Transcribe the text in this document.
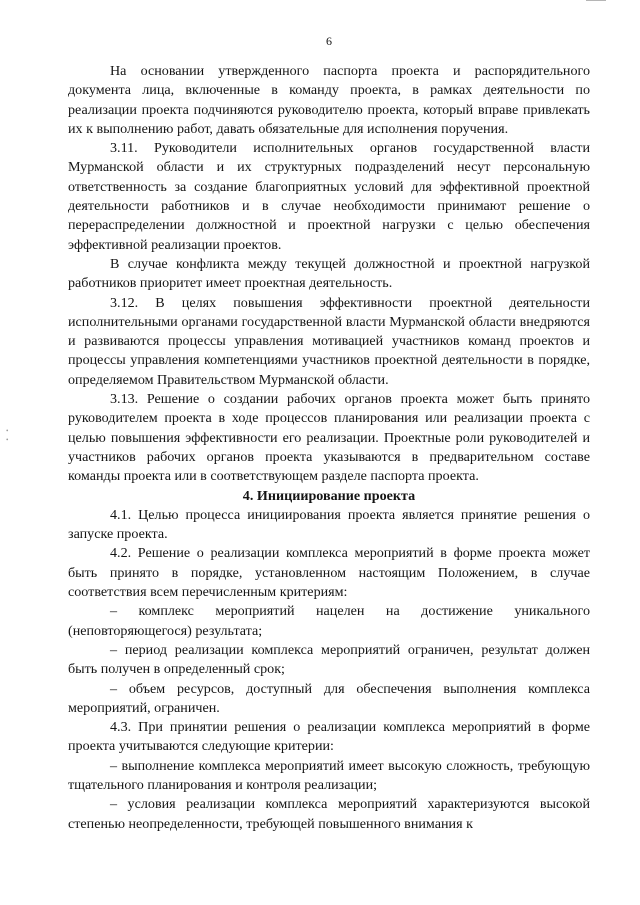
•
•
6

На основании утвержденного паспорта проекта и распорядительного документа лица, включенные в команду проекта, в рамках деятельности по реализации проекта подчиняются руководителю проекта, который вправе привлекать их к выполнению работ, давать обязательные для исполнения поручения.

3.11. Руководители исполнительных органов государственной власти Мурманской области и их структурных подразделений несут персональную ответственность за создание благоприятных условий для эффективной проектной деятельности работников и в случае необходимости принимают решение о перераспределении должностной и проектной нагрузки с целью обеспечения эффективной реализации проектов.

В случае конфликта между текущей должностной и проектной нагрузкой работников приоритет имеет проектная деятельность.

3.12. В целях повышения эффективности проектной деятельности исполнительными органами государственной власти Мурманской области внедряются и развиваются процессы управления мотивацией участников команд проектов и процессы управления компетенциями участников проектной деятельности в порядке, определяемом Правительством Мурманской области.

3.13. Решение о создании рабочих органов проекта может быть принято руководителем проекта в ходе процессов планирования или реализации проекта с целью повышения эффективности его реализации. Проектные роли руководителей и участников рабочих органов проекта указываются в предварительном составе команды проекта или в соответствующем разделе паспорта проекта.

4. Инициирование проекта

4.1. Целью процесса инициирования проекта является принятие решения о запуске проекта.

4.2. Решение о реализации комплекса мероприятий в форме проекта может быть принято в порядке, установленном настоящим Положением, в случае соответствия всем перечисленным критериям:

– комплекс мероприятий нацелен на достижение уникального (неповторяющегося) результата;

– период реализации комплекса мероприятий ограничен, результат должен быть получен в определенный срок;

– объем ресурсов, доступный для обеспечения выполнения комплекса мероприятий, ограничен.

4.3. При принятии решения о реализации комплекса мероприятий в форме проекта учитываются следующие критерии:

– выполнение комплекса мероприятий имеет высокую сложность, требующую тщательного планирования и контроля реализации;

– условия реализации комплекса мероприятий характеризуются высокой степенью неопределенности, требующей повышенного внимания к
